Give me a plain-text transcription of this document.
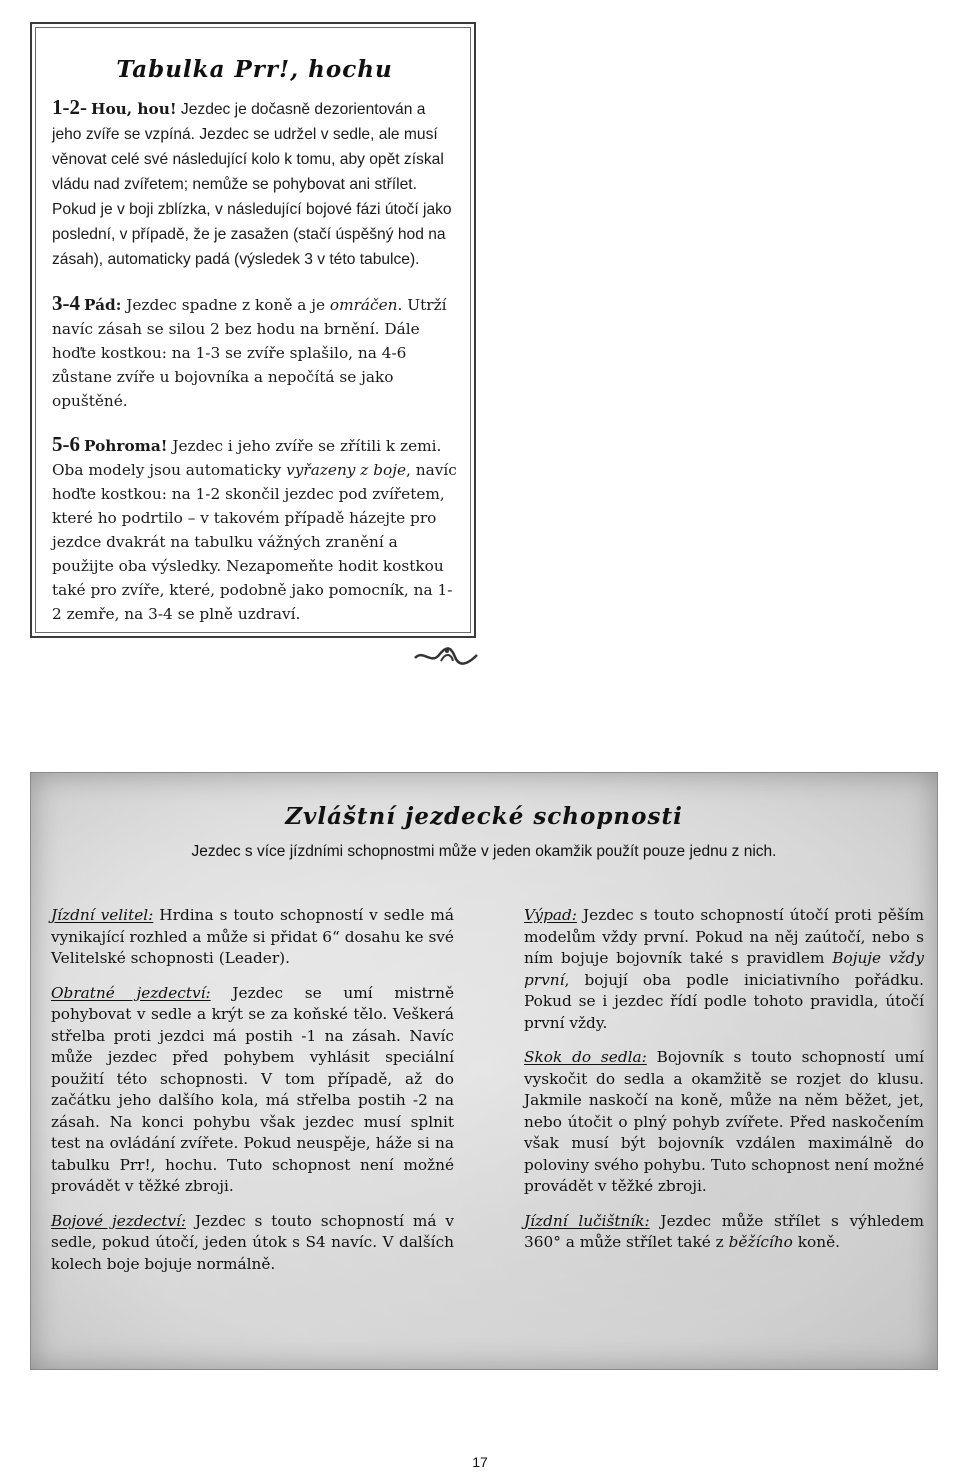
Tabulka Prr!, hochu

1-2- Hou, hou! Jezdec je dočasně dezorientován a jeho zvíře se vzpíná. Jezdec se udržel v sedle, ale musí věnovat celé své následující kolo k tomu, aby opět získal vládu nad zvířetem; nemůže se pohybovat ani střílet. Pokud je v boji zblízka, v následující bojové fázi útočí jako poslední, v případě, že je zasažen (stačí úspěšný hod na zásah), automaticky padá (výsledek 3 v této tabulce).

3-4 Pád: Jezdec spadne z koně a je omráčen. Utrží navíc zásah se silou 2 bez hodu na brnění. Dále hoďte kostkou: na 1-3 se zvíře splašilo, na 4-6 zůstane zvíře u bojovníka a nepočítá se jako opuštěné.

5-6 Pohroma! Jezdec i jeho zvíře se zřítili k zemi. Oba modely jsou automaticky vyřazeny z boje, navíc hoďte kostkou: na 1-2 skončil jezdec pod zvířetem, které ho podrtilo – v takovém případě házejte pro jezdce dvakrát na tabulku vážných zranění a použijte oba výsledky. Nezapomeňte hodit kostkou také pro zvíře, které, podobně jako pomocník, na 1-2 zemře, na 3-4 se plně uzdraví.

Zvláštní jezdecké schopnosti
Jezdec s více jízdními schopnostmi může v jeden okamžik použít pouze jednu z nich.

Jízdní velitel: Hrdina s touto schopností v sedle má vynikající rozhled a může si přidat 6“ dosahu ke své Velitelské schopnosti (Leader).

Obratné jezdectví: Jezdec se umí mistrně pohybovat v sedle a krýt se za koňské tělo. Veškerá střelba proti jezdci má postih -1 na zásah. Navíc může jezdec před pohybem vyhlásit speciální použití této schopnosti. V tom případě, až do začátku jeho dalšího kola, má střelba postih -2 na zásah. Na konci pohybu však jezdec musí splnit test na ovládání zvířete. Pokud neuspěje, háže si na tabulku Prr!, hochu. Tuto schopnost není možné provádět v těžké zbroji.

Bojové jezdectví: Jezdec s touto schopností má v sedle, pokud útočí, jeden útok s S4 navíc. V dalších kolech boje bojuje normálně.

Výpad: Jezdec s touto schopností útočí proti pěším modelům vždy první. Pokud na něj zaútočí, nebo s ním bojuje bojovník také s pravidlem Bojuje vždy první, bojují oba podle iniciativního pořádku. Pokud se i jezdec řídí podle tohoto pravidla, útočí první vždy.

Skok do sedla: Bojovník s touto schopností umí vyskočit do sedla a okamžitě se rozjet do klusu. Jakmile naskočí na koně, může na něm běžet, jet, nebo útočit o plný pohyb zvířete. Před naskočením však musí být bojovník vzdálen maximálně do poloviny svého pohybu. Tuto schopnost není možné provádět v těžké zbroji.

Jízdní lučištník: Jezdec může střílet s výhledem 360° a může střílet také z běžícího koně.

17
